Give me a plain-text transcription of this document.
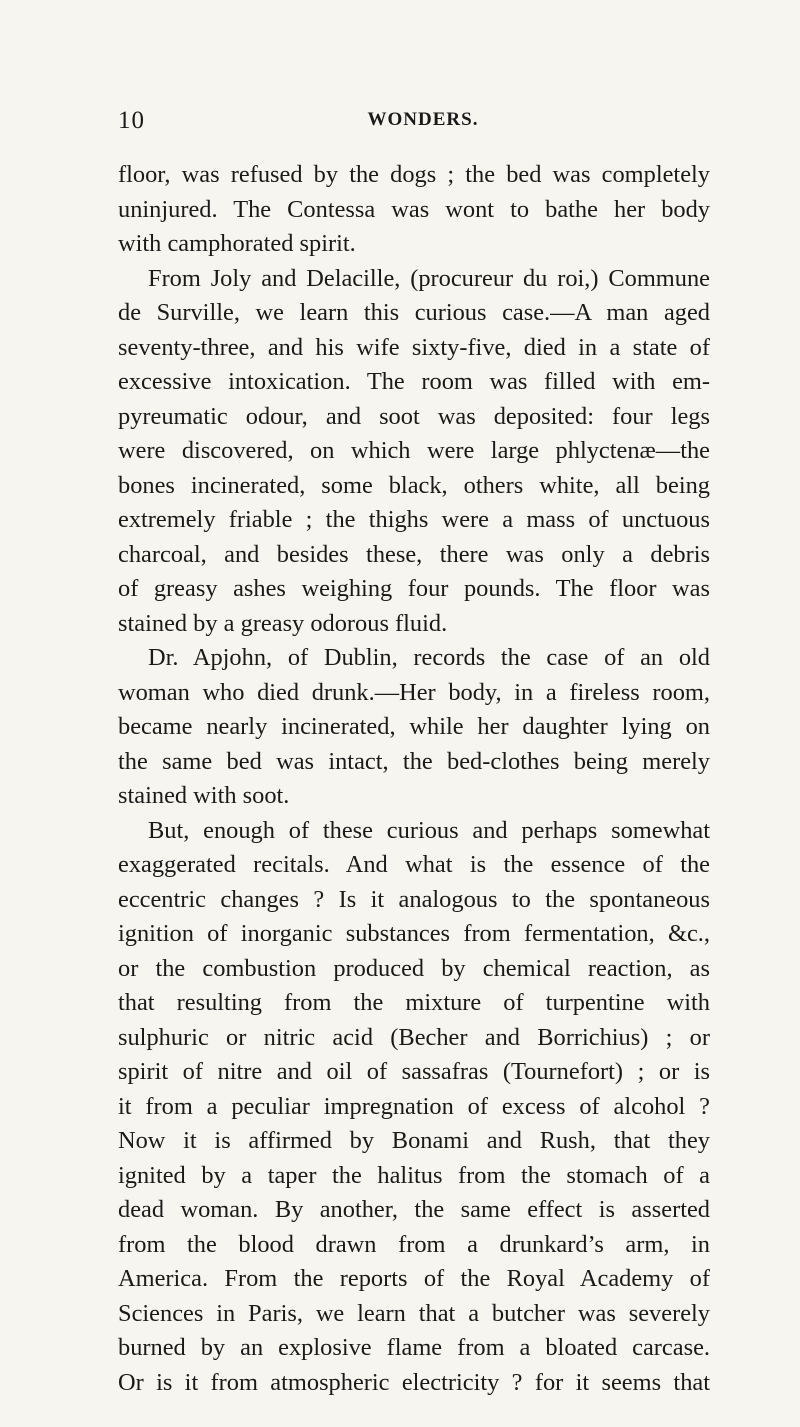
10	WONDERS.
floor, was refused by the dogs ; the bed was completely
uninjured. The Contessa was wont to bathe her body
with camphorated spirit.
From Joly and Delacille, (procureur du roi,) Commune
de Surville, we learn this curious case.—A man aged
seventy-three, and his wife sixty-five, died in a state of
excessive intoxication. The room was filled with em-
pyreumatic odour, and soot was deposited: four legs
were discovered, on which were large phlyctenæ—the
bones incinerated, some black, others white, all being
extremely friable ; the thighs were a mass of unctuous
charcoal, and besides these, there was only a debris
of greasy ashes weighing four pounds. The floor was
stained by a greasy odorous fluid.
Dr. Apjohn, of Dublin, records the case of an old
woman who died drunk.—Her body, in a fireless room,
became nearly incinerated, while her daughter lying on
the same bed was intact, the bed-clothes being merely
stained with soot.
But, enough of these curious and perhaps somewhat
exaggerated recitals. And what is the essence of the
eccentric changes ? Is it analogous to the spontaneous
ignition of inorganic substances from fermentation, &c.,
or the combustion produced by chemical reaction, as
that resulting from the mixture of turpentine with
sulphuric or nitric acid (Becher and Borrichius) ; or
spirit of nitre and oil of sassafras (Tournefort) ; or is
it from a peculiar impregnation of excess of alcohol ?
Now it is affirmed by Bonami and Rush, that they
ignited by a taper the halitus from the stomach of a
dead woman. By another, the same effect is asserted
from the blood drawn from a drunkard’s arm, in
America. From the reports of the Royal Academy of
Sciences in Paris, we learn that a butcher was severely
burned by an explosive flame from a bloated carcase.
Or is it from atmospheric electricity ? for it seems that
